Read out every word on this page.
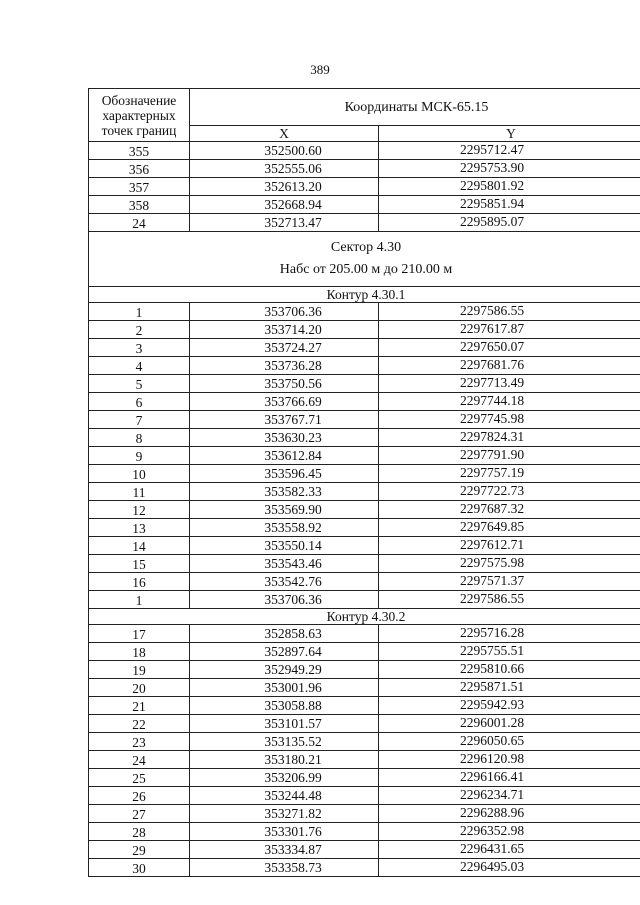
389
Обозначение
характерных
точек границ	Координаты МСК-65.15	
	X	Y
355	352500.60	2295712.47
356	352555.06	2295753.90
357	352613.20	2295801.92
358	352668.94	2295851.94
24	352713.47	2295895.07

Сектор 4.30
Набс от 205.00 м до 210.00 м		

Контур 4.30.1		
1	353706.36	2297586.55
2	353714.20	2297617.87
3	353724.27	2297650.07
4	353736.28	2297681.76
5	353750.56	2297713.49
6	353766.69	2297744.18
7	353767.71	2297745.98
8	353630.23	2297824.31
9	353612.84	2297791.90
10	353596.45	2297757.19
11	353582.33	2297722.73
12	353569.90	2297687.32
13	353558.92	2297649.85
14	353550.14	2297612.71
15	353543.46	2297575.98
16	353542.76	2297571.37
1	353706.36	2297586.55
Контур 4.30.2		
17	352858.63	2295716.28
18	352897.64	2295755.51
19	352949.29	2295810.66
20	353001.96	2295871.51
21	353058.88	2295942.93
22	353101.57	2296001.28
23	353135.52	2296050.65
24	353180.21	2296120.98
25	353206.99	2296166.41
26	353244.48	2296234.71
27	353271.82	2296288.96
28	353301.76	2296352.98
29	353334.87	2296431.65
30	353358.73	2296495.03
